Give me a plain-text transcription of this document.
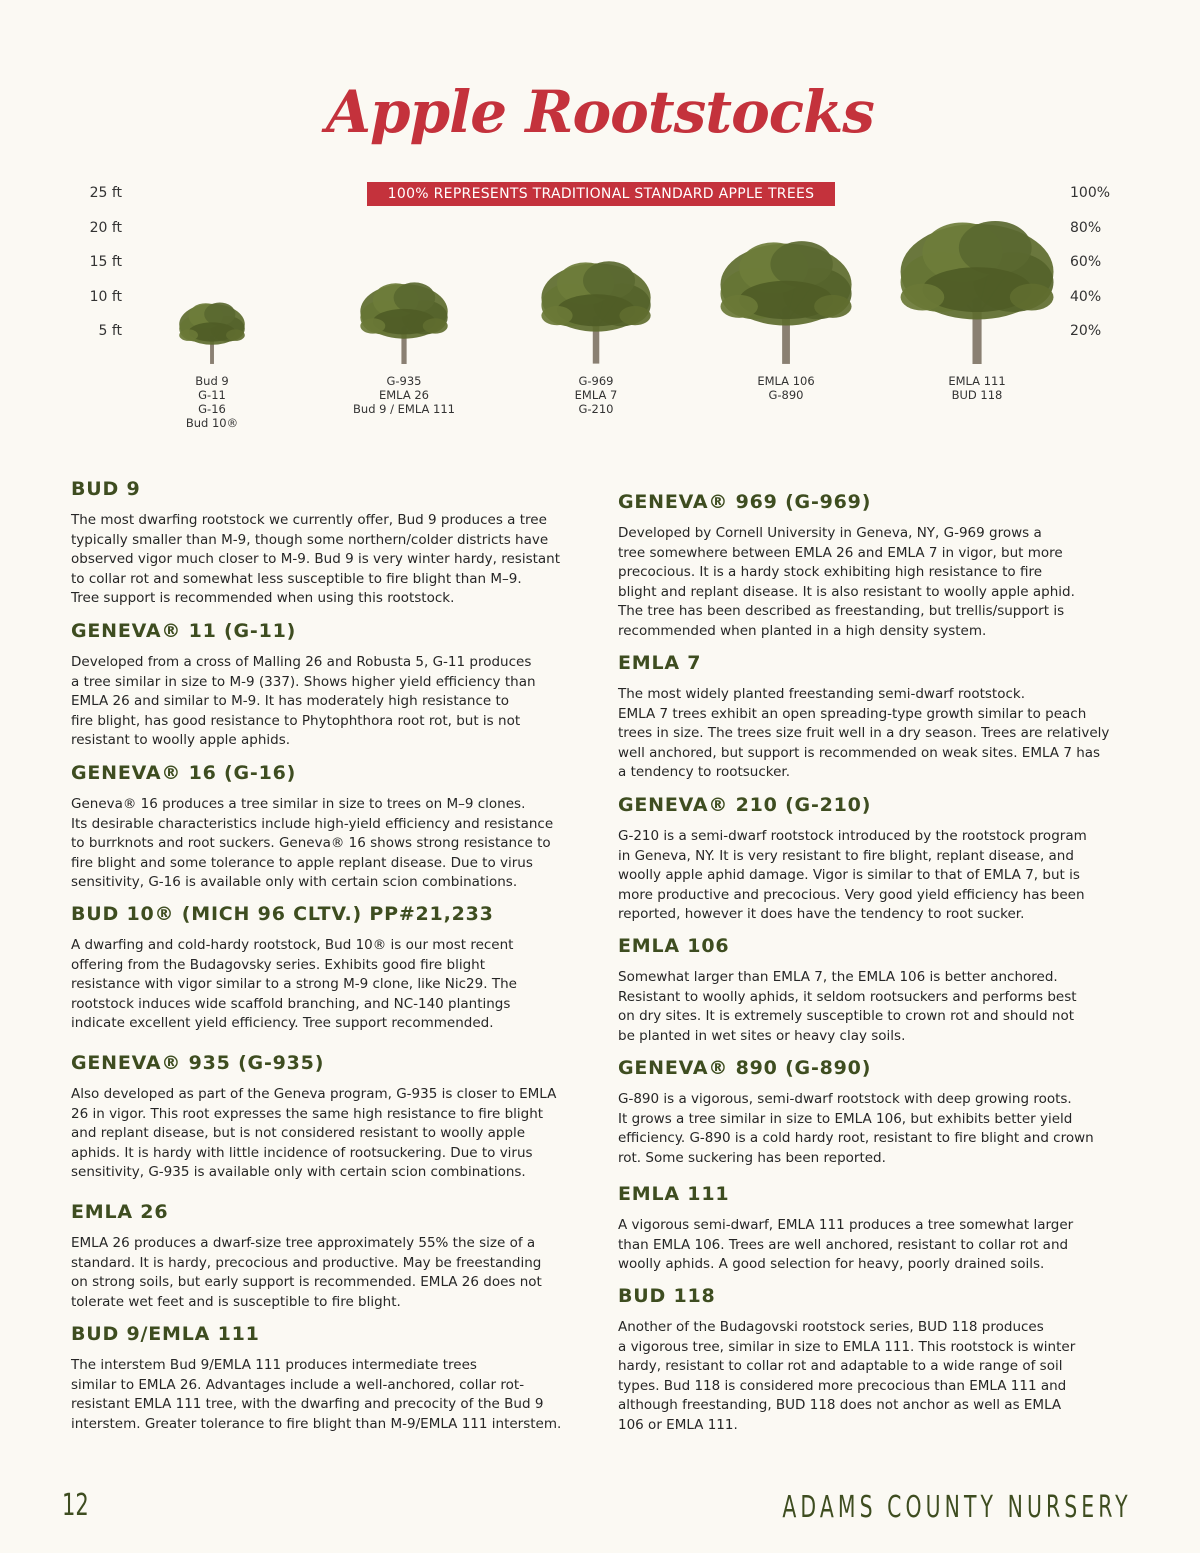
Apple Rootstocks
100% REPRESENTS TRADITIONAL STANDARD APPLE TREES
25 ft
20 ft
15 ft
10 ft
5 ft
100%
80%
60%
40%
20%
Bud 9
G-11
G-16
Bud 10®
G-935
EMLA 26
Bud 9 / EMLA 111
G-969
EMLA 7
G-210
EMLA 106
G-890
EMLA 111
BUD 118
BUD 9

The most dwarfing rootstock we currently offer, Bud 9 produces a tree
typically smaller than M-9, though some northern/colder districts have
observed vigor much closer to M-9. Bud 9 is very winter hardy, resistant
to collar rot and somewhat less susceptible to fire blight than M–9.
Tree support is recommended when using this rootstock.

GENEVA® 11 (G-11)

Developed from a cross of Malling 26 and Robusta 5, G-11 produces
a tree similar in size to M-9 (337). Shows higher yield efficiency than
EMLA 26 and similar to M-9. It has moderately high resistance to
fire blight, has good resistance to Phytophthora root rot, but is not
resistant to woolly apple aphids.

GENEVA® 16 (G-16)

Geneva® 16 produces a tree similar in size to trees on M–9 clones.
Its desirable characteristics include high-yield efficiency and resistance
to burrknots and root suckers. Geneva® 16 shows strong resistance to
fire blight and some tolerance to apple replant disease. Due to virus
sensitivity, G-16 is available only with certain scion combinations.

BUD 10® (MICH 96 CLTV.) PP#21,233

A dwarfing and cold-hardy rootstock, Bud 10® is our most recent
offering from the Budagovsky series. Exhibits good fire blight
resistance with vigor similar to a strong M-9 clone, like Nic29. The
rootstock induces wide scaffold branching, and NC-140 plantings
indicate excellent yield efficiency. Tree support recommended.

GENEVA® 935 (G-935)

Also developed as part of the Geneva program, G-935 is closer to EMLA
26 in vigor. This root expresses the same high resistance to fire blight
and replant disease, but is not considered resistant to woolly apple
aphids. It is hardy with little incidence of rootsuckering. Due to virus
sensitivity, G-935 is available only with certain scion combinations.

EMLA 26

EMLA 26 produces a dwarf-size tree approximately 55% the size of a
standard. It is hardy, precocious and productive. May be freestanding
on strong soils, but early support is recommended. EMLA 26 does not
tolerate wet feet and is susceptible to fire blight.

BUD 9/EMLA 111

The interstem Bud 9/EMLA 111 produces intermediate trees
similar to EMLA 26. Advantages include a well-anchored, collar rot-
resistant EMLA 111 tree, with the dwarfing and precocity of the Bud 9
interstem. Greater tolerance to fire blight than M-9/EMLA 111 interstem.

GENEVA® 969 (G-969)

Developed by Cornell University in Geneva, NY, G-969 grows a
tree somewhere between EMLA 26 and EMLA 7 in vigor, but more
precocious. It is a hardy stock exhibiting high resistance to fire
blight and replant disease. It is also resistant to woolly apple aphid.
The tree has been described as freestanding, but trellis/support is
recommended when planted in a high density system.

EMLA 7

The most widely planted freestanding semi-dwarf rootstock.
EMLA 7 trees exhibit an open spreading-type growth similar to peach
trees in size. The trees size fruit well in a dry season. Trees are relatively
well anchored, but support is recommended on weak sites. EMLA 7 has
a tendency to rootsucker.

GENEVA® 210 (G-210)

G-210 is a semi-dwarf rootstock introduced by the rootstock program
in Geneva, NY. It is very resistant to fire blight, replant disease, and
woolly apple aphid damage. Vigor is similar to that of EMLA 7, but is
more productive and precocious. Very good yield efficiency has been
reported, however it does have the tendency to root sucker.

EMLA 106

Somewhat larger than EMLA 7, the EMLA 106 is better anchored.
Resistant to woolly aphids, it seldom rootsuckers and performs best
on dry sites. It is extremely susceptible to crown rot and should not
be planted in wet sites or heavy clay soils.

GENEVA® 890 (G-890)

G-890 is a vigorous, semi-dwarf rootstock with deep growing roots.
It grows a tree similar in size to EMLA 106, but exhibits better yield
efficiency. G-890 is a cold hardy root, resistant to fire blight and crown
rot. Some suckering has been reported.

EMLA 111

A vigorous semi-dwarf, EMLA 111 produces a tree somewhat larger
than EMLA 106. Trees are well anchored, resistant to collar rot and
woolly aphids. A good selection for heavy, poorly drained soils.

BUD 118

Another of the Budagovski rootstock series, BUD 118 produces
a vigorous tree, similar in size to EMLA 111. This rootstock is winter
hardy, resistant to collar rot and adaptable to a wide range of soil
types. Bud 118 is considered more precocious than EMLA 111 and
although freestanding, BUD 118 does not anchor as well as EMLA
106 or EMLA 111.

12	ADAMS COUNTY NURSERY
